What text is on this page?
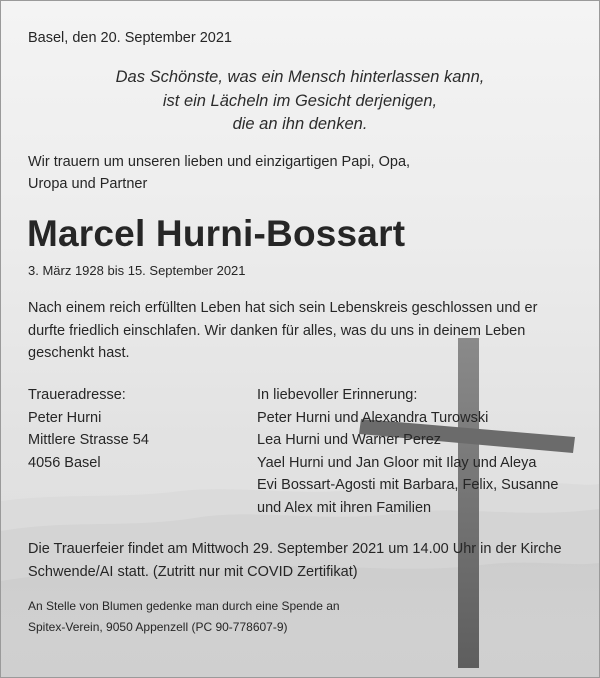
Basel, den 20. September 2021

Das Schönste, was ein Mensch hinterlassen kann,
ist ein Lächeln im Gesicht derjenigen,
die an ihn denken.
Wir trauern um unseren lieben und einzigartigen Papi, Opa,
Uropa und Partner
Marcel Hurni-Bossart

3. März 1928 bis 15. September 2021

Nach einem reich erfüllten Leben hat sich sein Lebenskreis geschlossen und er
durfte friedlich einschlafen. Wir danken für alles, was du uns in deinem Leben
geschenkt hast.
Traueradresse:
Peter Hurni
Mittlere Strasse 54
4056 Basel
In liebevoller Erinnerung:
Peter Hurni und Alexandra Turowski
Lea Hurni und Warner Perez
Yael Hurni und Jan Gloor mit Ilay und Aleya
Evi Bossart-Agosti mit Barbara, Felix, Susanne
und Alex mit ihren Familien
Die Trauerfeier findet am Mittwoch 29. September 2021 um 14.00 Uhr in der Kirche
Schwende/AI statt. (Zutritt nur mit COVID Zertifikat)
An Stelle von Blumen gedenke man durch eine Spende an
Spitex-Verein, 9050 Appenzell (PC 90-778607-9)
